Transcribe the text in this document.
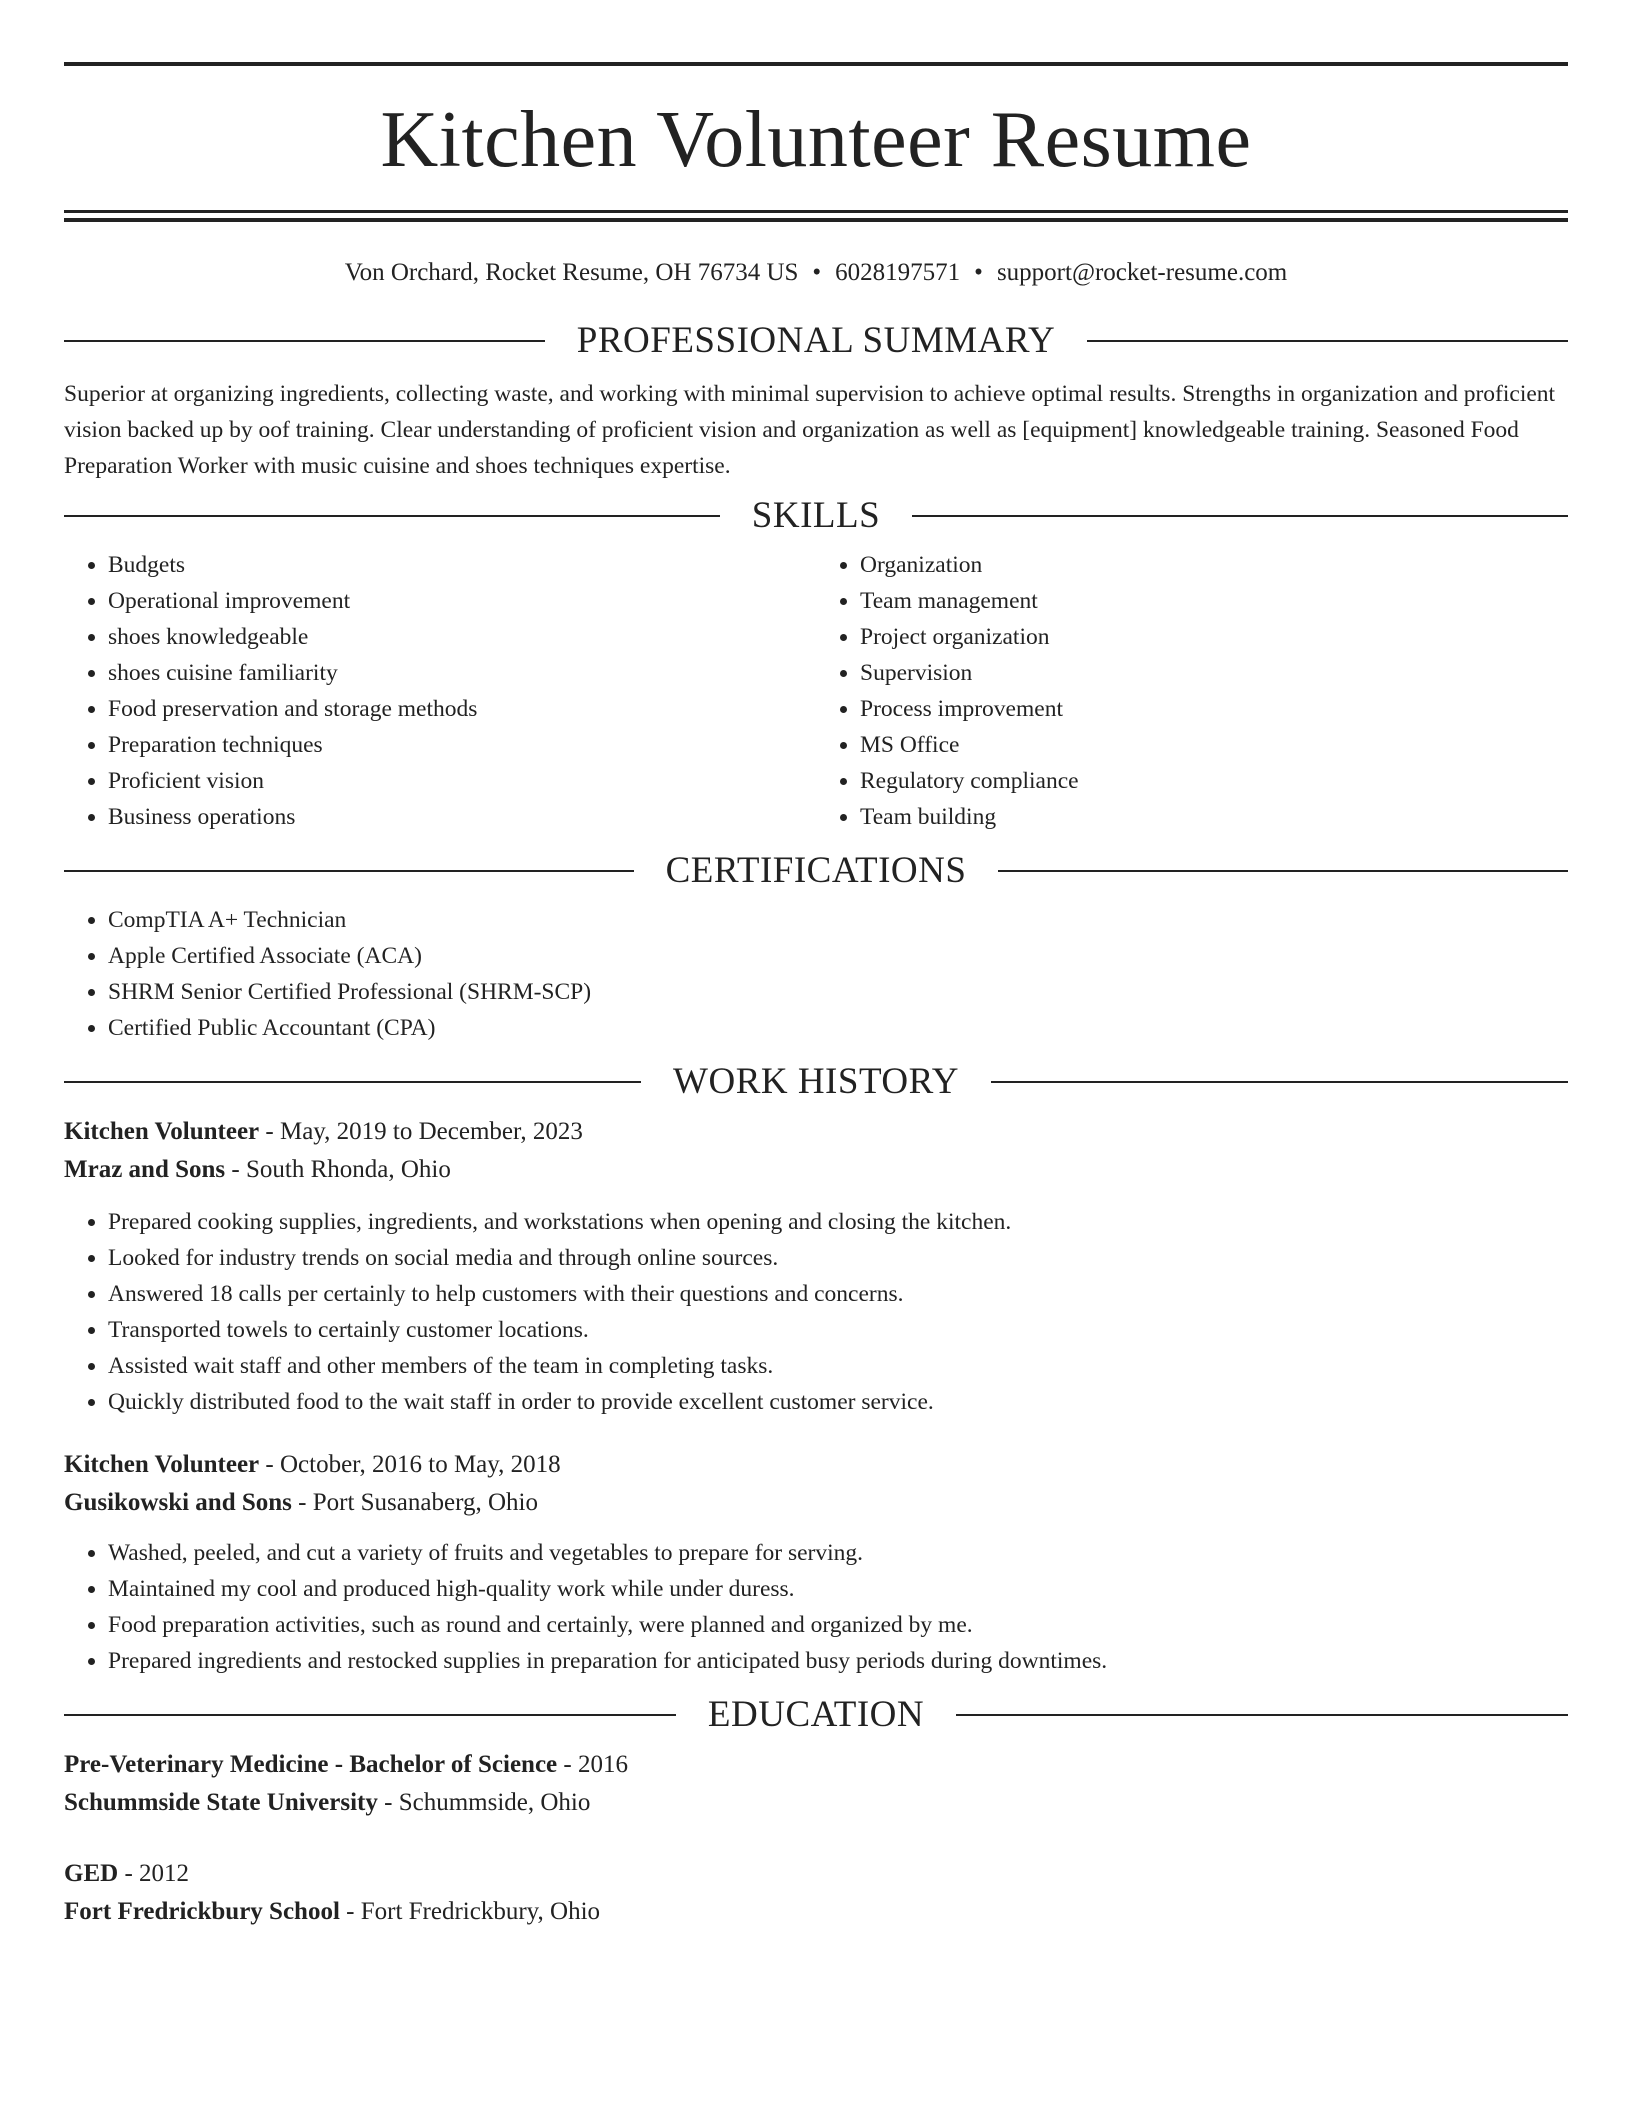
Kitchen Volunteer Resume
Von Orchard, Rocket Resume, OH 76734 US • 6028197571 • support@rocket-resume.com
PROFESSIONAL SUMMARY

Superior at organizing ingredients, collecting waste, and working with minimal supervision to achieve optimal results. Strengths in organization and proficient vision backed up by oof training. Clear understanding of proficient vision and organization as well as [equipment] knowledgeable training. Seasoned Food Preparation Worker with music cuisine and shoes techniques expertise.

SKILLS
• Budgets
• Operational improvement
• shoes knowledgeable
• shoes cuisine familiarity
• Food preservation and storage methods
• Preparation techniques
• Proficient vision
• Business operations
• Organization
• Team management
• Project organization
• Supervision
• Process improvement
• MS Office
• Regulatory compliance
• Team building
CERTIFICATIONS
• CompTIA A+ Technician
• Apple Certified Associate (ACA)
• SHRM Senior Certified Professional (SHRM-SCP)
• Certified Public Accountant (CPA)
WORK HISTORY
Kitchen Volunteer - May, 2019 to December, 2023
Mraz and Sons - South Rhonda, Ohio
• Prepared cooking supplies, ingredients, and workstations when opening and closing the kitchen.
• Looked for industry trends on social media and through online sources.
• Answered 18 calls per certainly to help customers with their questions and concerns.
• Transported towels to certainly customer locations.
• Assisted wait staff and other members of the team in completing tasks.
• Quickly distributed food to the wait staff in order to provide excellent customer service.
Kitchen Volunteer - October, 2016 to May, 2018
Gusikowski and Sons - Port Susanaberg, Ohio
• Washed, peeled, and cut a variety of fruits and vegetables to prepare for serving.
• Maintained my cool and produced high-quality work while under duress.
• Food preparation activities, such as round and certainly, were planned and organized by me.
• Prepared ingredients and restocked supplies in preparation for anticipated busy periods during downtimes.
EDUCATION
Pre-Veterinary Medicine - Bachelor of Science - 2016
Schummside State University - Schummside, Ohio
GED - 2012
Fort Fredrickbury School - Fort Fredrickbury, Ohio
